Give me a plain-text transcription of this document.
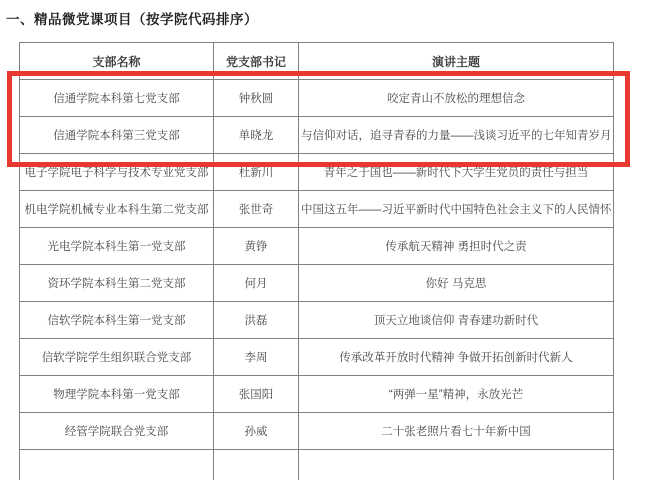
一、精品微党课项目（按学院代码排序）
支部名称	党支部书记	演讲主题
信通学院本科第七党支部	钟秋圆	咬定青山不放松的理想信念
信通学院本科第三党支部	单晓龙	与信仰对话，追寻青春的力量——浅谈习近平的七年知青岁月
电子学院电子科学与技术专业党支部	杜新川	青年之于国也——新时代下大学生党员的责任与担当
机电学院机械专业本科生第二党支部	张世奇	中国这五年——习近平新时代中国特色社会主义下的人民情怀
光电学院本科生第一党支部	黄铮	传承航天精神 勇担时代之责
资环学院本科生第二党支部	何月	你好 马克思
信软学院本科生第一党支部	洪磊	顶天立地谈信仰 青春建功新时代
信软学院学生组织联合党支部	李周	传承改革开放时代精神 争做开拓创新时代新人
物理学院本科第一党支部	张国阳	“两弹一星”精神，永放光芒
经管学院联合党支部	孙威	二十张老照片看七十年新中国
